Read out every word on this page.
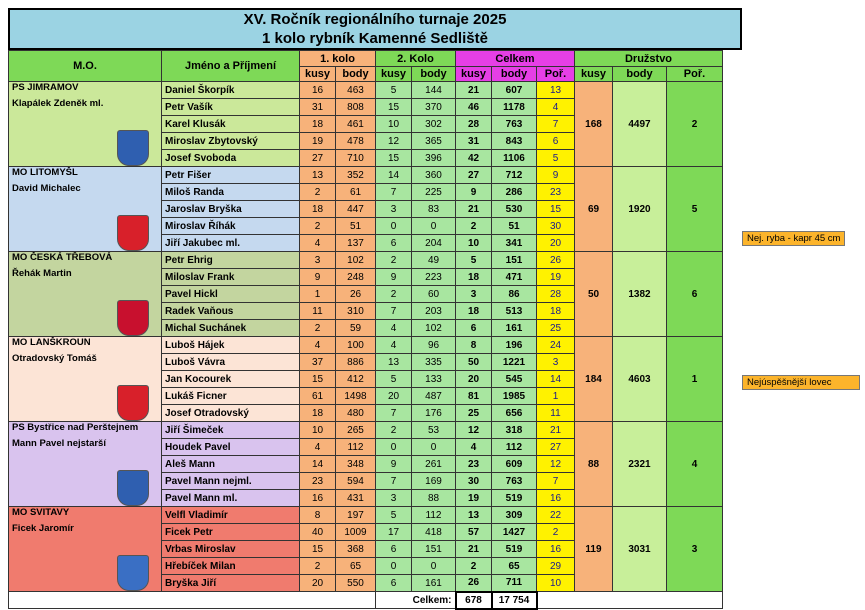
XV. Ročník regionálního turnaje 2025
1 kolo rybník Kamenné Sedliště
M.O.	Jméno a Příjmení	1. kolo		2. Kolo		Celkem			Družstvo		
		kusy	body	kusy	body	kusy	body	Poř.	kusy	body	Poř.

PS JIMRAMOV
Klapálek Zdeněk ml.	Daniel Škorpík	16	463	5	144	21	607	13	168	4497	2
	Petr Vašík	31	808	15	370	46	1178	4			
	Karel Klusák	18	461	10	302	28	763	7			
	Miroslav Zbytovský	19	478	12	365	31	843	6			
	Josef Svoboda	27	710	15	396	42	1106	5			

MO LITOMYŠL
David Michalec	Petr Fišer	13	352	14	360	27	712	9	69	1920	5
	Miloš Randa	2	61	7	225	9	286	23			
	Jaroslav Bryška	18	447	3	83	21	530	15			
	Miroslav Říhák	2	51	0	0	2	51	30			
	Jiří Jakubec ml.	4	137	6	204	10	341	20			

MO ČESKÁ TŘEBOVÁ
Řehák Martin	Petr Ehrig	3	102	2	49	5	151	26	50	1382	6
	Miloslav Frank	9	248	9	223	18	471	19			
	Pavel Hickl	1	26	2	60	3	86	28			
	Radek Vaňous	11	310	7	203	18	513	18			
	Michal Suchánek	2	59	4	102	6	161	25			

MO LANŠKROUN
Otradovský Tomáš	Luboš Hájek	4	100	4	96	8	196	24	184	4603	1
	Luboš Vávra	37	886	13	335	50	1221	3			
	Jan Kocourek	15	412	5	133	20	545	14			
	Lukáš Ficner	61	1498	20	487	81	1985	1			
	Josef Otradovský	18	480	7	176	25	656	11			

PS Bystřice nad Perštejnem
Mann Pavel nejstarší	Jiří Šimeček	10	265	2	53	12	318	21	88	2321	4
	Houdek Pavel	4	112	0	0	4	112	27			
	Aleš Mann	14	348	9	261	23	609	12			
	Pavel Mann nejml.	23	594	7	169	30	763	7			
	Pavel Mann ml.	16	431	3	88	19	519	16			

MO SVITAVY
Ficek Jaromír	Velfl Vladimír	8	197	5	112	13	309	22	119	3031	3
	Ficek Petr	40	1009	17	418	57	1427	2			
	Vrbas Miroslav	15	368	6	151	21	519	16			
	Hřebíček Milan	2	65	0	0	2	65	29			
	Bryška Jiří	20	550	6	161	26	711	10			
				Celkem:		678	17 754				
Nej. ryba - kapr 45 cm
Nejúspěšnější lovec
